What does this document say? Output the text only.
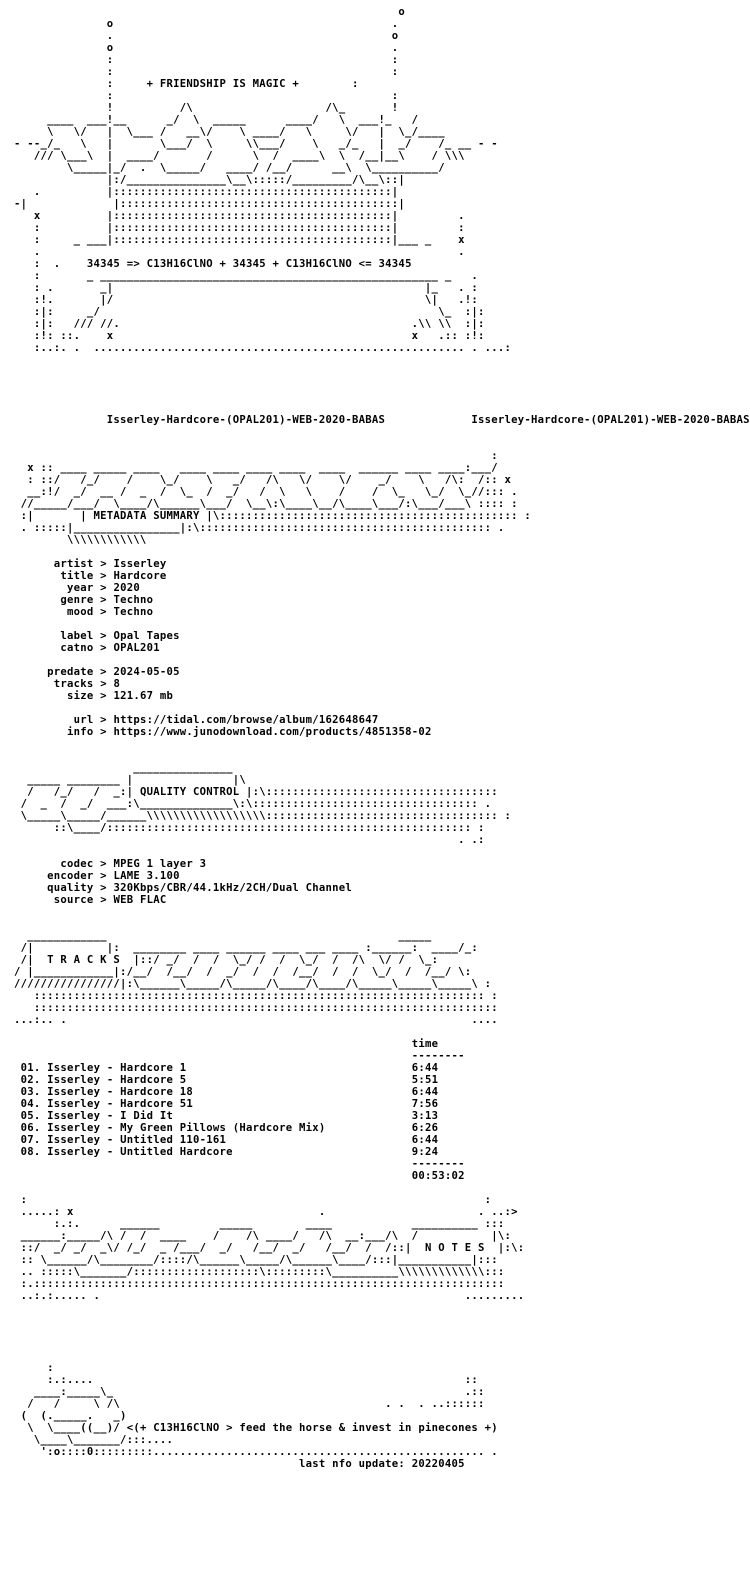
o
o                                          .
.                                          o
o                                          .
:                                          :
:                                          :
:     + FRIENDSHIP IS MAGIC +        :
:                                          :
!          /\                    /\_       !
____  ___!__      _/  \  _____      ____/   \  ___!_   /
\   \/   |  \___ /   __\/    \ ____/   \     \/   |  \_/____
- --_/_   \   |       \___/  \     \\___/    \   _/_   |  _/    /_ __ - -
/// \___\  |  ____/       /      \  /  ____\  \  /__|__\    / \\\
\_____|_/  .  \_____/   ____/ /__/      __\  \__________/
|:/_______________\__\:::::/_________/\__\::|
.          |::::::::::::::::::::::::::::::::::::::::::|
-|             |::::::::::::::::::::::::::::::::::::::::::|
x          |::::::::::::::::::::::::::::::::::::::::::|         .
:          |::::::::::::::::::::::::::::::::::::::::::|         :
:     _ ___|::::::::::::::::::::::::::::::::::::::::::|___ _    x
.                                                               .
:  .    34345 => C13H16ClNO + 34345 + C13H16ClNO <= 34345
:       _ ___________________________________________________ _   .
: .       _|                                               |_   . :
:!.       |/                                               \|   .!:
:|:     _/                                                   \_  :|:
:|:   /// //.                                            .\\ \\  :|:
:!: ::.    x                                             x   .:: :!:
:..:. .  ........................................................ . ...:

Isserley-Hardcore-(OPAL201)-WEB-2020-BABAS	Isserley-Hardcore-(OPAL201)-WEB-2020-BABAS

:
x :: ____ _____ ____   ____ ____ ____ ____  ____  ______ ____ ____:___/
: ::/   /_/    /    \_/    \   _/   /\   \/    \/    _/    \   /\:  /:: x
__:!/  _/  __ /  _  /  \_  /  _/   /  \   \    /    /  \_   \_/  \_//::: .
//_____/___/  \____/\______\___/  \__\:\____\__/\____\___/:\___/___\ :::: :
:|       | METADATA SUMMARY |\::::::::::::::::::::::::::::::::::::::::::::: :
. :::::|________________|:\:::::::::::::::::::::::::::::::::::::::::::: .
\\\\\\\\\\\\

artist > Isserley
title > Hardcore
year > 2020
genre > Techno
mood > Techno

label > Opal Tapes
catno > OPAL201

predate > 2024-05-05
tracks > 8
size > 121.67 mb

url > https://tidal.com/browse/album/162648647
info > https://www.junodownload.com/products/4851358-02

_______________
_____ ________ |               |\
/   /_/   /  _:| QUALITY CONTROL |:\:::::::::::::::::::::::::::::::::::
/  _  /  _/  ___:\______________\:\:::::::::::::::::::::::::::::::::: .
\_____\_____/______\\\\\\\\\\\\\\\\\\::::::::::::::::::::::::::::::::::: :
::\____/::::::::::::::::::::::::::::::::::::::::::::::::::::::: :
. .:

codec > MPEG 1 layer 3
encoder > LAME 3.100
quality > 320Kbps/CBR/44.1kHz/2CH/Dual Channel
source > WEB FLAC

____________                                            _____
/|           |:  ________ ____ ______ ____ ___ ____ :______:  ____/_:
/|  T R A C K S  |::/ _/  /  /  \_/ /  /  \_/  /  /\  \/ /  \_:
/ |____________|:/__/  /__/  /  _/  /  /  /__/  /  /  \_/  /  /__/ \:
////////////////|:\______\_____/\_____/\____/\____/\_____\_____\_____\ :
:::::::::::::::::::::::::::::::::::::::::::::::::::::::::::::::::::: :
::::::::::::::::::::::::::::::::::::::::::::::::::::::::::::::::::::::
...:.. .                                                             ....

time
--------
01. Isserley - Hardcore 1	6:44
02. Isserley - Hardcore 5	5:51
03. Isserley - Hardcore 18	6:44
04. Isserley - Hardcore 51	7:56
05. Isserley - I Did It	3:13
06. Isserley - My Green Pillows (Hardcore Mix)	6:26
07. Isserley - Untitled 110-161	6:44
08. Isserley - Untitled Hardcore	9:24
--------
00:53:02

:                                                                     :
.....: x                                     .                       . ..:>
:.:.      ______         _____        ____            __________ :::
______:_____/\ /  /  ____    /    /\ ____/   /\  __:___/\  /           |\:
::/  _/ _/  _\/ /_/  _ /___/  _/   /__/  _/   /__/  /  /::|  N O T E S  |:\:
:: \______/\________/::::/\______\_____/\______\____/:::|___________|:::
.. :::::\_______/:::::::::::::::::::\:::::::::\__________\\\\\\\\\\\\\:::
:.:::::::::::::::::::::::::::::::::::::::::::::::::::::::::::::::::::::::
..:.:..... .                                                       .........

:
:.:....                                                        ::
____:_____\_                                                     .::
/   /     \ /\                                        . .  . ..::::::
(  (._____.   _)
\  \____((__)/ <(+ C13H16ClNO > feed the horse & invest in pinecones +)
\____\_______/:::....
':o::::0:::::::::.................................................. .
last nfo update: 20220405
